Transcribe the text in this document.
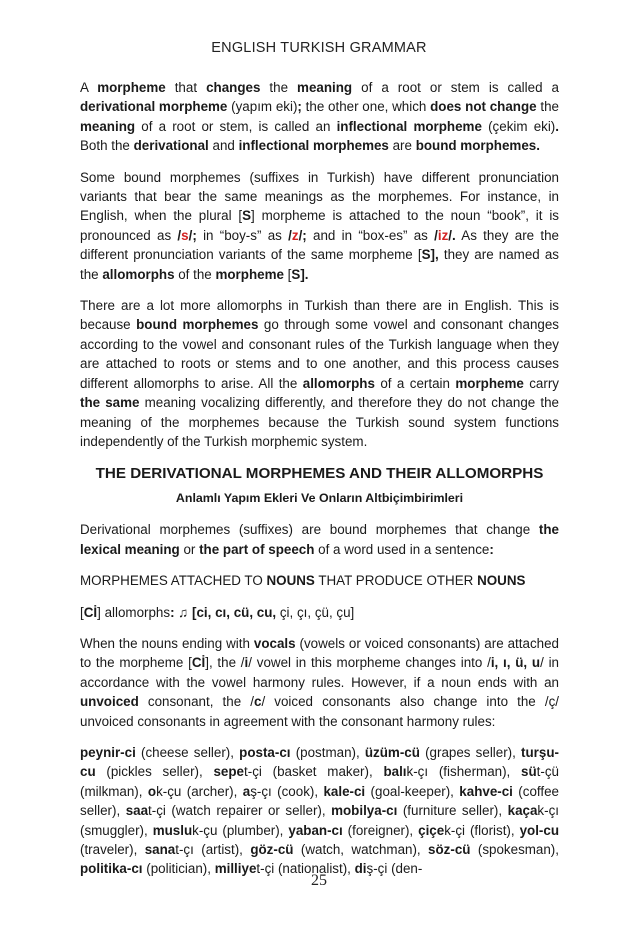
ENGLISH TURKISH GRAMMAR

A morpheme that changes the meaning of a root or stem is called a derivational morpheme (yapım eki); the other one, which does not change the meaning of a root or stem, is called an inflectional morpheme (çekim eki). Both the derivational and inflectional morphemes are bound morphemes.

Some bound morphemes (suffixes in Turkish) have different pronunciation variants that bear the same meanings as the morphemes. For instance, in English, when the plural [S] morpheme is attached to the noun “book”, it is pronounced as /s/; in “boy-s” as /z/; and in “box-es” as /iz/. As they are the different pronunciation variants of the same morpheme [S], they are named as the allomorphs of the morpheme [S].

There are a lot more allomorphs in Turkish than there are in English. This is because bound morphemes go through some vowel and consonant changes according to the vowel and consonant rules of the Turkish language when they are attached to roots or stems and to one another, and this process causes different allomorphs to arise. All the allomorphs of a certain morpheme carry the same meaning vocalizing differently, and therefore they do not change the meaning of the morphemes because the Turkish sound system functions independently of the Turkish morphemic system.

THE DERIVATIONAL MORPHEMES AND THEIR ALLOMORPHS
Anlamlı Yapım Ekleri Ve Onların Altbiçimbirimleri

Derivational morphemes (suffixes) are bound morphemes that change the lexical meaning or the part of speech of a word used in a sentence:

MORPHEMES ATTACHED TO NOUNS THAT PRODUCE OTHER NOUNS

[Cİ] allomorphs: ♫ [ci, cı, cü, cu, çi, çı, çü, çu]

When the nouns ending with vocals (vowels or voiced consonants) are attached to the morpheme [Cİ], the /i/ vowel in this morpheme changes into /i, ı, ü, u/ in accordance with the vowel harmony rules. However, if a noun ends with an unvoiced consonant, the /c/ voiced consonants also change into the /ç/ unvoiced consonants in agreement with the consonant harmony rules:

peynir-ci (cheese seller), posta-cı (postman), üzüm-cü (grapes seller), turşu-cu (pickles seller), sepet-çi (basket maker), balık-çı (fisherman), süt-çü (milkman), ok-çu (archer), aş-çı (cook), kale-ci (goal-keeper), kahve-ci (coffee seller), saat-çi (watch repairer or seller), mobilya-cı (furniture seller), kaçak-çı (smuggler), musluk-çu (plumber), yaban-cı (foreigner), çiçek-çi (florist), yol-cu (traveler), sanat-çı (artist), göz-cü (watch, watchman), söz-cü (spokesman), politika-cı (politician), milliyet-çi (nationalist), diş-çi (den-

25
